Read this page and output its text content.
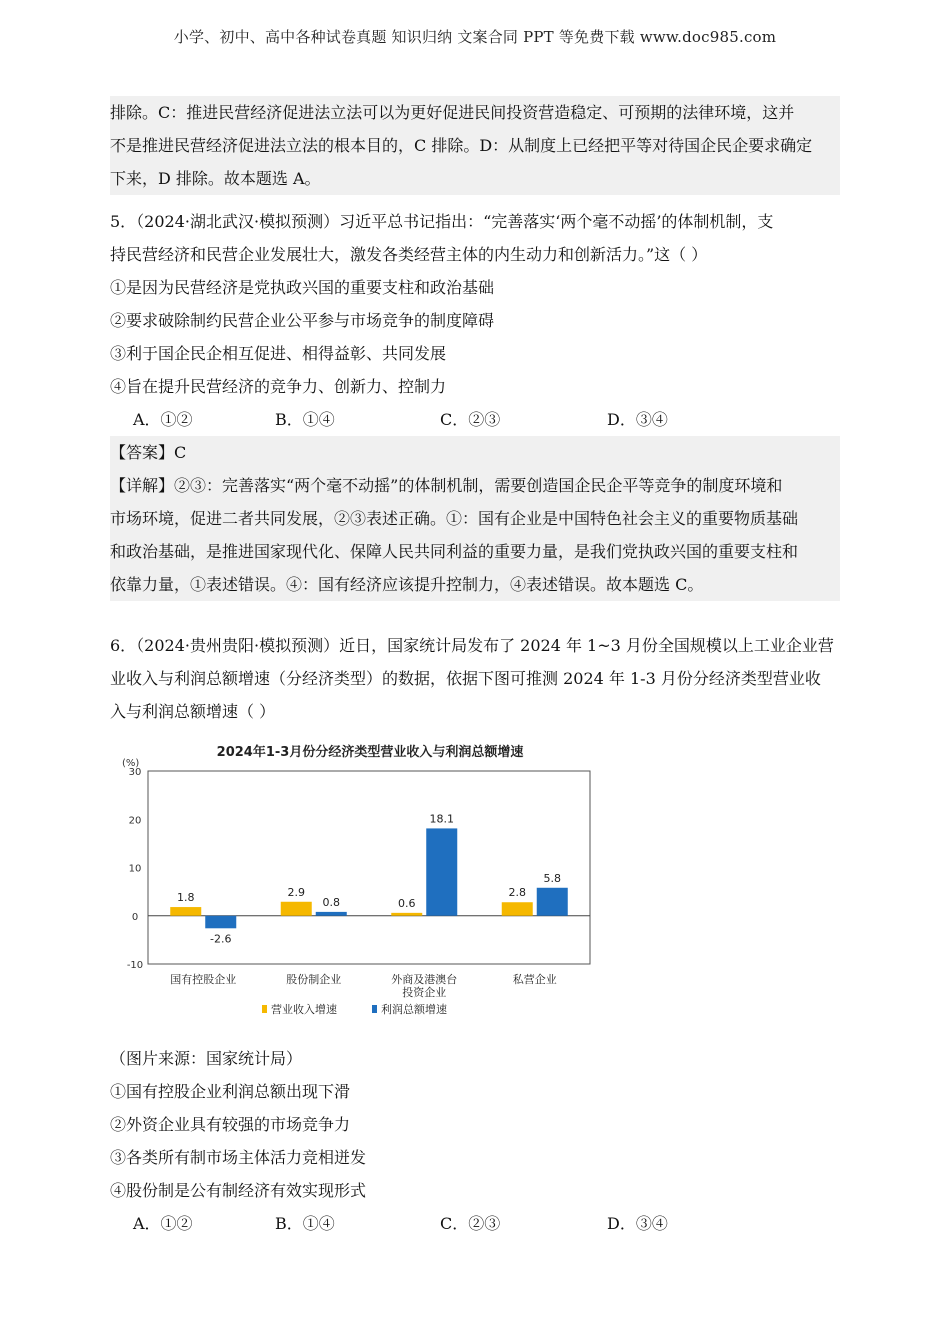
小学、初中、高中各种试卷真题 知识归纳 文案合同 PPT 等免费下载 www.doc985.com
排除。C：推进民营经济促进法立法可以为更好促进民间投资营造稳定、可预期的法律环境，这并
不是推进民营经济促进法立法的根本目的，C 排除。D：从制度上已经把平等对待国企民企要求确定
下来，D 排除。故本题选 A。
5．（2024·湖北武汉·模拟预测）习近平总书记指出：“完善落实‘两个毫不动摇’的体制机制，支
持民营经济和民营企业发展壮大，激发各类经营主体的内生动力和创新活力。”这（ ）
①是因为民营经济是党执政兴国的重要支柱和政治基础
②要求破除制约民营企业公平参与市场竞争的制度障碍
③利于国企民企相互促进、相得益彰、共同发展
④旨在提升民营经济的竞争力、创新力、控制力
A．①②	B．①④	C．②③	D．③④
【答案】C
【详解】②③：完善落实“两个毫不动摇”的体制机制，需要创造国企民企平等竞争的制度环境和
市场环境，促进二者共同发展，②③表述正确。①：国有企业是中国特色社会主义的重要物质基础
和政治基础，是推进国家现代化、保障人民共同利益的重要力量，是我们党执政兴国的重要支柱和
依靠力量，①表述错误。④：国有经济应该提升控制力，④表述错误。故本题选 C。
6．（2024·贵州贵阳·模拟预测）近日，国家统计局发布了 2024 年 1~3 月份全国规模以上工业企业营
业收入与利润总额增速（分经济类型）的数据，依据下图可推测 2024 年 1-3 月份分经济类型营业收
入与利润总额增速（ ）
2024年1-3月份分经济类型营业收入与利润总额增速
(%)
30
20
10
0
-10
1.8
-2.6
国有控股企业
2.9
0.8
股份制企业
0.6
18.1
外商及港澳台
投资企业
2.8
5.8
私营企业
营业收入增速	利润总额增速
（图片来源：国家统计局）
①国有控股企业利润总额出现下滑
②外资企业具有较强的市场竞争力
③各类所有制市场主体活力竞相迸发
④股份制是公有制经济有效实现形式
A．①②	B．①④	C．②③	D．③④
